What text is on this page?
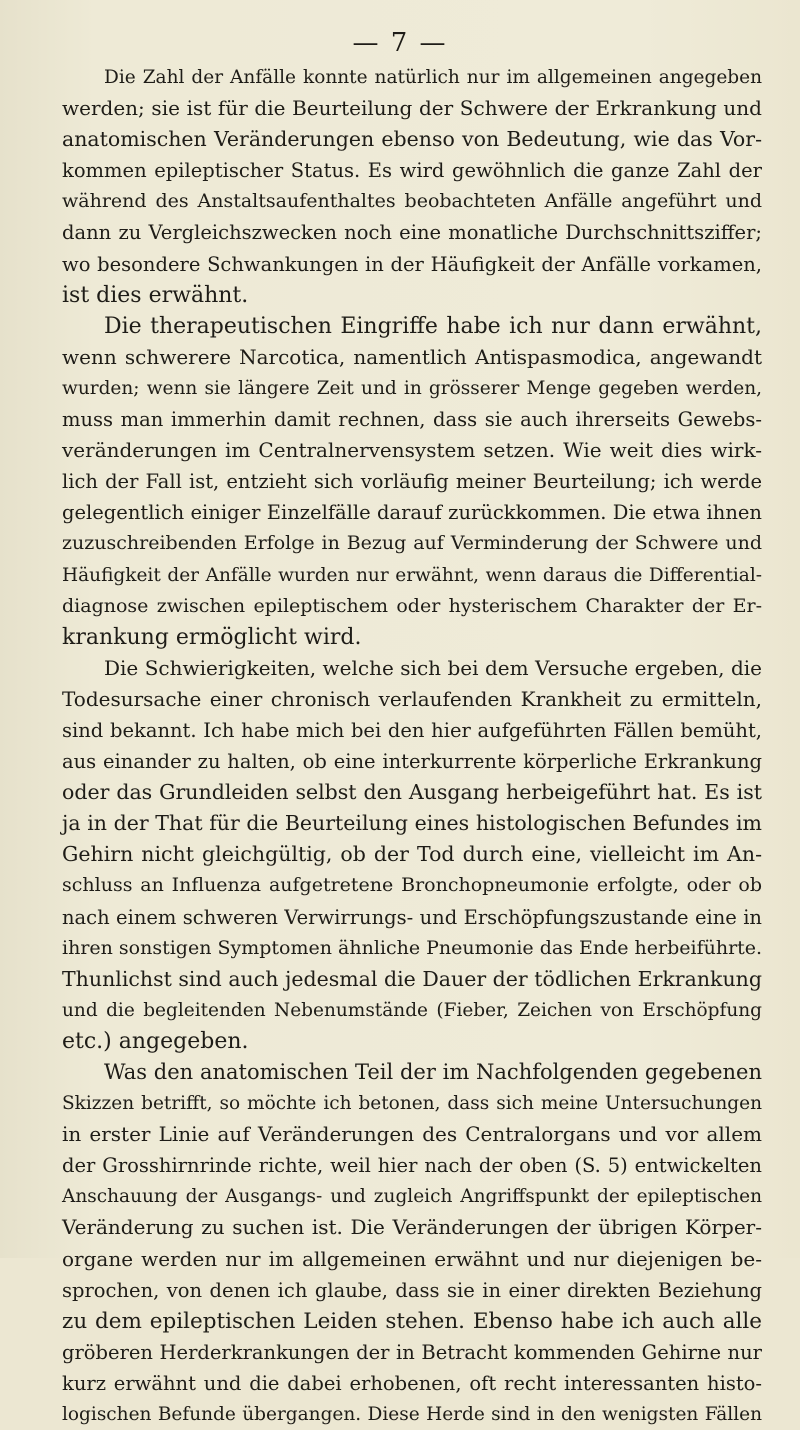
— 7 —
Die Zahl der Anfälle konnte natürlich nur im allgemeinen angegeben
werden; sie ist für die Beurteilung der Schwere der Erkrankung und
anatomischen Veränderungen ebenso von Bedeutung, wie das Vor-
kommen epileptischer Status. Es wird gewöhnlich die ganze Zahl der
während des Anstaltsaufenthaltes beobachteten Anfälle angeführt und
dann zu Vergleichszwecken noch eine monatliche Durchschnittsziffer;
wo besondere Schwankungen in der Häufigkeit der Anfälle vorkamen,
ist dies erwähnt.
Die therapeutischen Eingriffe habe ich nur dann erwähnt,
wenn schwerere Narcotica, namentlich Antispasmodica, angewandt
wurden; wenn sie längere Zeit und in grösserer Menge gegeben werden,
muss man immerhin damit rechnen, dass sie auch ihrerseits Gewebs-
veränderungen im Centralnervensystem setzen. Wie weit dies wirk-
lich der Fall ist, entzieht sich vorläufig meiner Beurteilung; ich werde
gelegentlich einiger Einzelfälle darauf zurückkommen. Die etwa ihnen
zuzuschreibenden Erfolge in Bezug auf Verminderung der Schwere und
Häufigkeit der Anfälle wurden nur erwähnt, wenn daraus die Differential-
diagnose zwischen epileptischem oder hysterischem Charakter der Er-
krankung ermöglicht wird.
Die Schwierigkeiten, welche sich bei dem Versuche ergeben, die
Todesursache einer chronisch verlaufenden Krankheit zu ermitteln,
sind bekannt. Ich habe mich bei den hier aufgeführten Fällen bemüht,
aus einander zu halten, ob eine interkurrente körperliche Erkrankung
oder das Grundleiden selbst den Ausgang herbeigeführt hat. Es ist
ja in der That für die Beurteilung eines histologischen Befundes im
Gehirn nicht gleichgültig, ob der Tod durch eine, vielleicht im An-
schluss an Influenza aufgetretene Bronchopneumonie erfolgte, oder ob
nach einem schweren Verwirrungs- und Erschöpfungszustande eine in
ihren sonstigen Symptomen ähnliche Pneumonie das Ende herbeiführte.
Thunlichst sind auch jedesmal die Dauer der tödlichen Erkrankung
und die begleitenden Nebenumstände (Fieber, Zeichen von Erschöpfung
etc.) angegeben.
Was den anatomischen Teil der im Nachfolgenden gegebenen
Skizzen betrifft, so möchte ich betonen, dass sich meine Untersuchungen
in erster Linie auf Veränderungen des Centralorgans und vor allem
der Grosshirnrinde richte, weil hier nach der oben (S. 5) entwickelten
Anschauung der Ausgangs- und zugleich Angriffspunkt der epileptischen
Veränderung zu suchen ist. Die Veränderungen der übrigen Körper-
organe werden nur im allgemeinen erwähnt und nur diejenigen be-
sprochen, von denen ich glaube, dass sie in einer direkten Beziehung
zu dem epileptischen Leiden stehen. Ebenso habe ich auch alle
gröberen Herderkrankungen der in Betracht kommenden Gehirne nur
kurz erwähnt und die dabei erhobenen, oft recht interessanten histo-
logischen Befunde übergangen. Diese Herde sind in den wenigsten Fällen
